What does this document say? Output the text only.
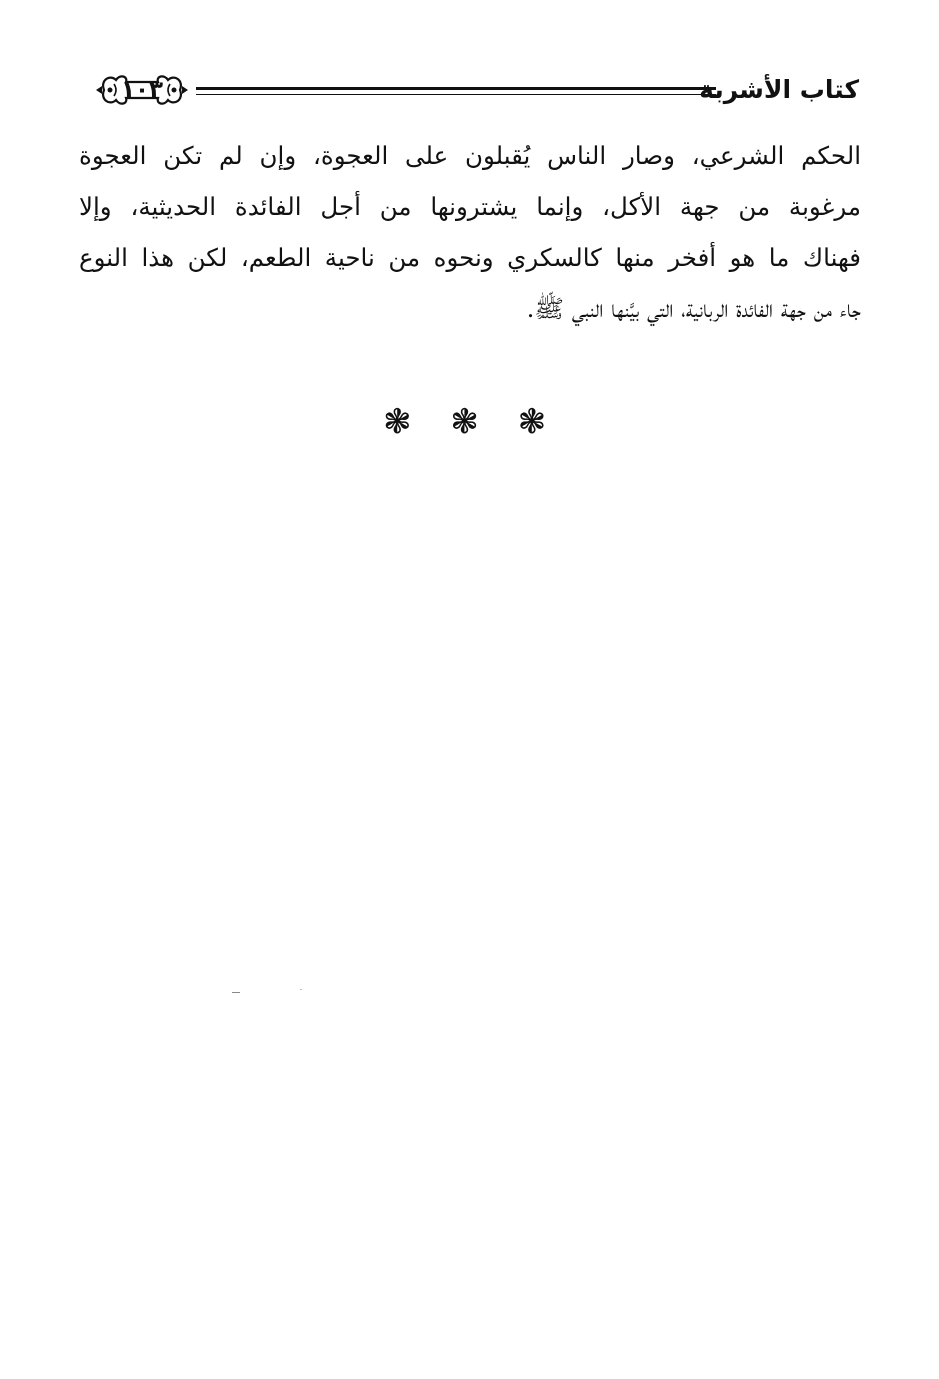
كتاب الأشربة
١٠٣
الحكم الشرعي، وصار الناس يُقبلون على العجوة، وإن لم تكن العجوة
مرغوبة من جهة الأكل، وإنما يشترونها من أجل الفائدة الحديثية، وإلا
فهناك ما هو أفخر منها كالسكري ونحوه من ناحية الطعم، لكن هذا النوع
جاء من جهة الفائدة الربانية، التي بيَّنها النبي ﷺ.
❃ ❃ ❃
